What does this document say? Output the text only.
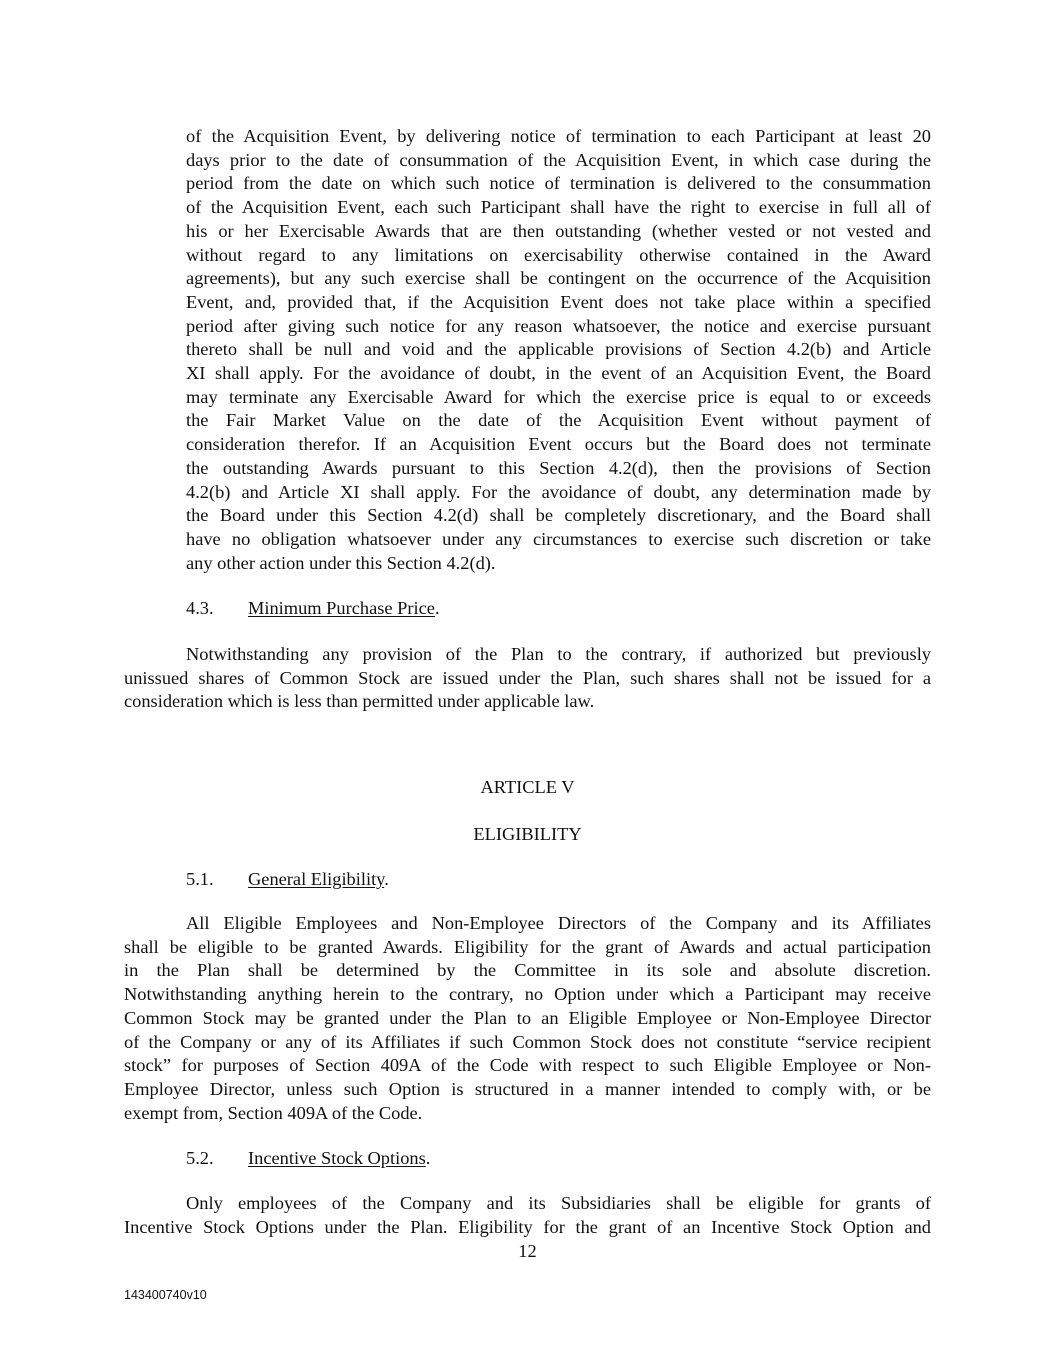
of the Acquisition Event, by delivering notice of termination to each Participant at least 20
days prior to the date of consummation of the Acquisition Event, in which case during the
period from the date on which such notice of termination is delivered to the consummation
of the Acquisition Event, each such Participant shall have the right to exercise in full all of
his or her Exercisable Awards that are then outstanding (whether vested or not vested and
without regard to any limitations on exercisability otherwise contained in the Award
agreements), but any such exercise shall be contingent on the occurrence of the Acquisition
Event, and, provided that, if the Acquisition Event does not take place within a specified
period after giving such notice for any reason whatsoever, the notice and exercise pursuant
thereto shall be null and void and the applicable provisions of Section 4.2(b) and Article
XI shall apply. For the avoidance of doubt, in the event of an Acquisition Event, the Board
may terminate any Exercisable Award for which the exercise price is equal to or exceeds
the Fair Market Value on the date of the Acquisition Event without payment of
consideration therefor. If an Acquisition Event occurs but the Board does not terminate
the outstanding Awards pursuant to this Section 4.2(d), then the provisions of Section
4.2(b) and Article XI shall apply. For the avoidance of doubt, any determination made by
the Board under this Section 4.2(d) shall be completely discretionary, and the Board shall
have no obligation whatsoever under any circumstances to exercise such discretion or take
any other action under this Section 4.2(d).
4.3. Minimum Purchase Price.
Notwithstanding any provision of the Plan to the contrary, if authorized but previously
unissued shares of Common Stock are issued under the Plan, such shares shall not be issued for a
consideration which is less than permitted under applicable law.
ARTICLE V
ELIGIBILITY
5.1. General Eligibility.
All Eligible Employees and Non-Employee Directors of the Company and its Affiliates
shall be eligible to be granted Awards. Eligibility for the grant of Awards and actual participation
in the Plan shall be determined by the Committee in its sole and absolute discretion.
Notwithstanding anything herein to the contrary, no Option under which a Participant may receive
Common Stock may be granted under the Plan to an Eligible Employee or Non-Employee Director
of the Company or any of its Affiliates if such Common Stock does not constitute “service recipient
stock” for purposes of Section 409A of the Code with respect to such Eligible Employee or Non-
Employee Director, unless such Option is structured in a manner intended to comply with, or be
exempt from, Section 409A of the Code.
5.2. Incentive Stock Options.
Only employees of the Company and its Subsidiaries shall be eligible for grants of
Incentive Stock Options under the Plan. Eligibility for the grant of an Incentive Stock Option and
12
143400740v10
